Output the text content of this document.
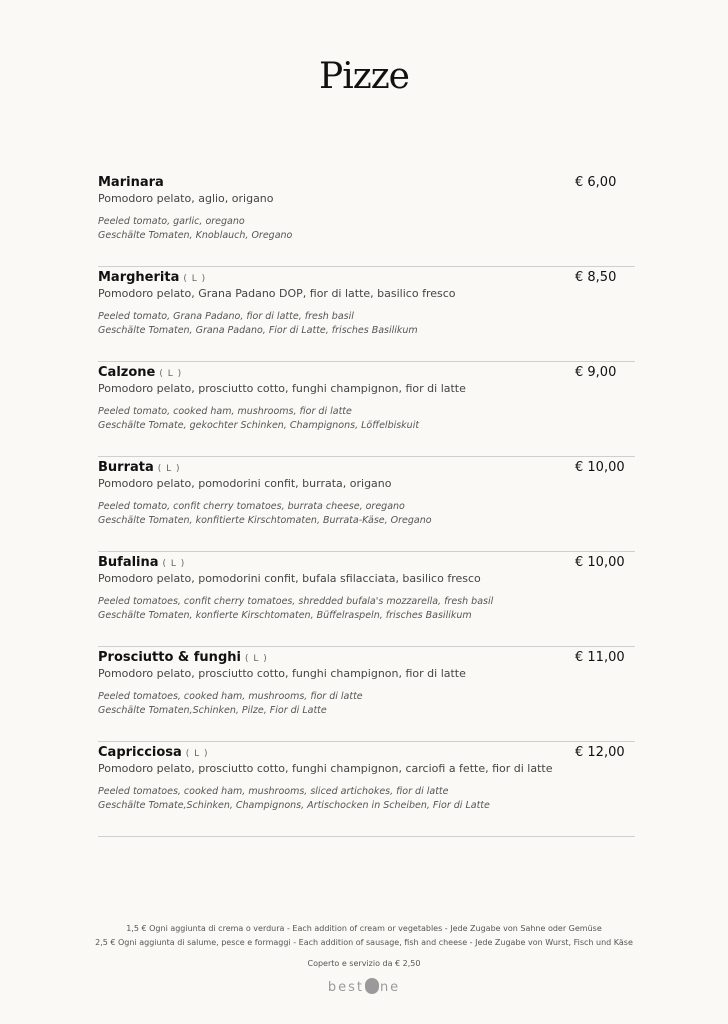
Pizze
Marinara	€ 6,00
Pomodoro pelato, aglio, origano
Peeled tomato, garlic, oregano
Geschälte Tomaten, Knoblauch, Oregano
Margherita ( L )	€ 8,50
Pomodoro pelato, Grana Padano DOP, fior di latte, basilico fresco
Peeled tomato, Grana Padano, fior di latte, fresh basil
Geschälte Tomaten, Grana Padano, Fior di Latte, frisches Basilikum
Calzone ( L )	€ 9,00
Pomodoro pelato, prosciutto cotto, funghi champignon, fior di latte
Peeled tomato, cooked ham, mushrooms, fior di latte
Geschälte Tomate, gekochter Schinken, Champignons, Löffelbiskuit
Burrata ( L )	€ 10,00
Pomodoro pelato, pomodorini confit, burrata, origano
Peeled tomato, confit cherry tomatoes, burrata cheese, oregano
Geschälte Tomaten, konfitierte Kirschtomaten, Burrata-Käse, Oregano
Bufalina ( L )	€ 10,00
Pomodoro pelato, pomodorini confit, bufala sfilacciata, basilico fresco
Peeled tomatoes, confit cherry tomatoes, shredded bufala's mozzarella, fresh basil
Geschälte Tomaten, konfierte Kirschtomaten, Büffelraspeln, frisches Basilikum
Prosciutto & funghi ( L )	€ 11,00
Pomodoro pelato, prosciutto cotto, funghi champignon, fior di latte
Peeled tomatoes, cooked ham, mushrooms, fior di latte
Geschälte Tomaten,Schinken, Pilze, Fior di Latte
Capricciosa ( L )	€ 12,00
Pomodoro pelato, prosciutto cotto, funghi champignon, carciofi a fette, fior di latte
Peeled tomatoes, cooked ham, mushrooms, sliced artichokes, fior di latte
Geschälte Tomate,Schinken, Champignons, Artischocken in Scheiben, Fior di Latte
1,5 € Ogni aggiunta di crema o verdura - Each addition of cream or vegetables - Jede Zugabe von Sahne oder Gemüse
2,5 € Ogni aggiunta di salume, pesce e formaggi - Each addition of sausage, fish and cheese - Jede Zugabe von Wurst, Fisch und Käse
Coperto e servizio da € 2,50
best ne
